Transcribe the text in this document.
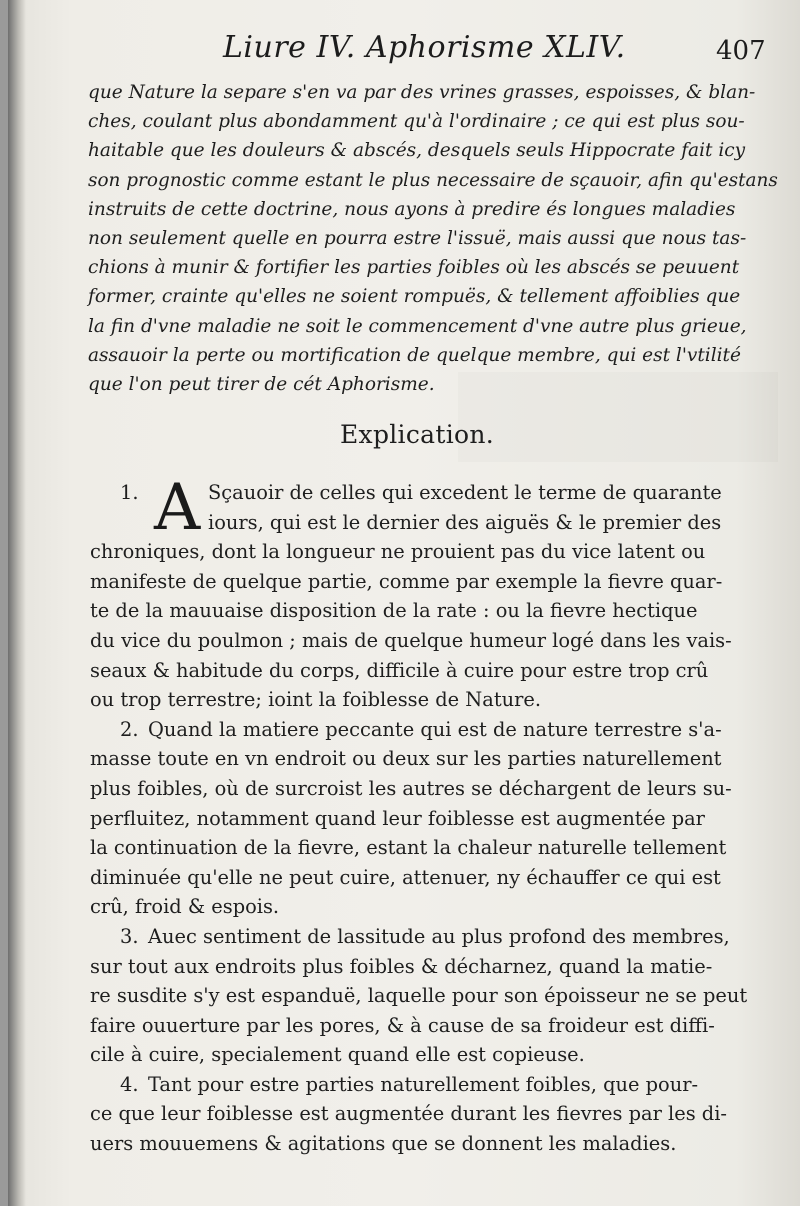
Liure IV. Aphorisme XLIV.	407
que Nature la separe s'en va par des vrines grasses, espoisses, & blan-
ches, coulant plus abondamment qu'à l'ordinaire ; ce qui est plus sou-
haitable que les douleurs & abscés, desquels seuls Hippocrate fait icy
son prognostic comme estant le plus necessaire de sçauoir, afin qu'estans
instruits de cette doctrine, nous ayons à predire és longues maladies
non seulement quelle en pourra estre l'issuë, mais aussi que nous tas-
chions à munir & fortifier les parties foibles où les abscés se peuuent
former, crainte qu'elles ne soient rompuës, & tellement affoiblies que
la fin d'vne maladie ne soit le commencement d'vne autre plus grieue,
assauoir la perte ou mortification de quelque membre, qui est l'vtilité
que l'on peut tirer de cét Aphorisme.
Explication.
A
1.	Sçauoir de celles qui excedent le terme de quarante
iours, qui est le dernier des aiguës & le premier des
chroniques, dont la longueur ne prouient pas du vice latent ou
manifeste de quelque partie, comme par exemple la fievre quar-
te de la mauuaise disposition de la rate : ou la fievre hectique
du vice du poulmon ; mais de quelque humeur logé dans les vais-
seaux & habitude du corps, difficile à cuire pour estre trop crû
ou trop terrestre; ioint la foiblesse de Nature.
2. Quand la matiere peccante qui est de nature terrestre s'a-
masse toute en vn endroit ou deux sur les parties naturellement
plus foibles, où de surcroist les autres se déchargent de leurs su-
perfluitez, notamment quand leur foiblesse est augmentée par
la continuation de la fievre, estant la chaleur naturelle tellement
diminuée qu'elle ne peut cuire, attenuer, ny échauffer ce qui est
crû, froid & espois.
3. Auec sentiment de lassitude au plus profond des membres,
sur tout aux endroits plus foibles & décharnez, quand la matie-
re susdite s'y est espanduë, laquelle pour son époisseur ne se peut
faire ouuerture par les pores, & à cause de sa froideur est diffi-
cile à cuire, specialement quand elle est copieuse.
4. Tant pour estre parties naturellement foibles, que pour-
ce que leur foiblesse est augmentée durant les fievres par les di-
uers mouuemens & agitations que se donnent les maladies.
